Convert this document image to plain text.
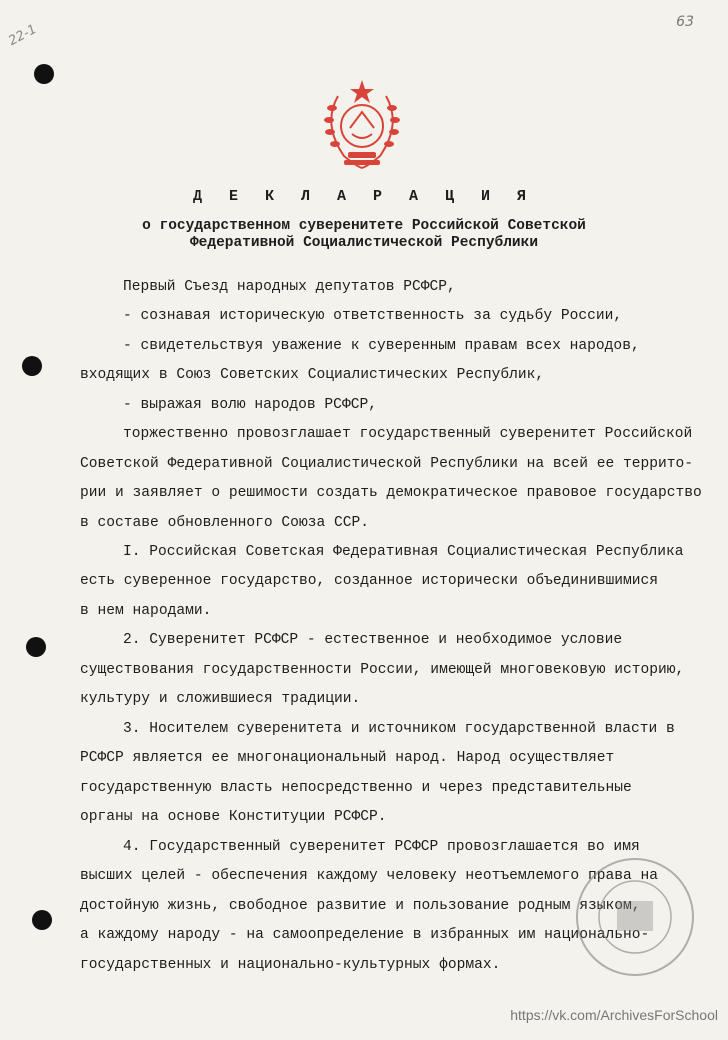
22-1	63
Д Е К Л А Р А Ц И Я
о государственном суверенитете Российской Советской
Федеративной Социалистической Республики
Первый Съезд народных депутатов РСФСР,
- сознавая историческую ответственность за судьбу России,
- свидетельствуя уважение к суверенным правам всех народов,
входящих в Союз Советских Социалистических Республик,
- выражая волю народов РСФСР,
торжественно провозглашает государственный суверенитет Российской
Советской Федеративной Социалистической Республики на всей ее террито-
рии и заявляет о решимости создать демократическое правовое государство
в составе обновленного Союза ССР.
I. Российская Советская Федеративная Социалистическая Республика
есть суверенное государство, созданное исторически объединившимися
в нем народами.
2. Суверенитет РСФСР - естественное и необходимое условие
существования государственности России, имеющей многовековую историю,
культуру и сложившиеся традиции.
3. Носителем суверенитета и источником государственной власти в
РСФСР является ее многонациональный народ. Народ осуществляет
государственную власть непосредственно и через представительные
органы на основе Конституции РСФСР.
4. Государственный суверенитет РСФСР провозглашается во имя
высших целей - обеспечения каждому человеку неотъемлемого права на
достойную жизнь, свободное развитие и пользование родным языком,
а каждому народу - на самоопределение в избранных им национально-
государственных и национально-культурных формах.
https://vk.com/ArchivesForSchool
